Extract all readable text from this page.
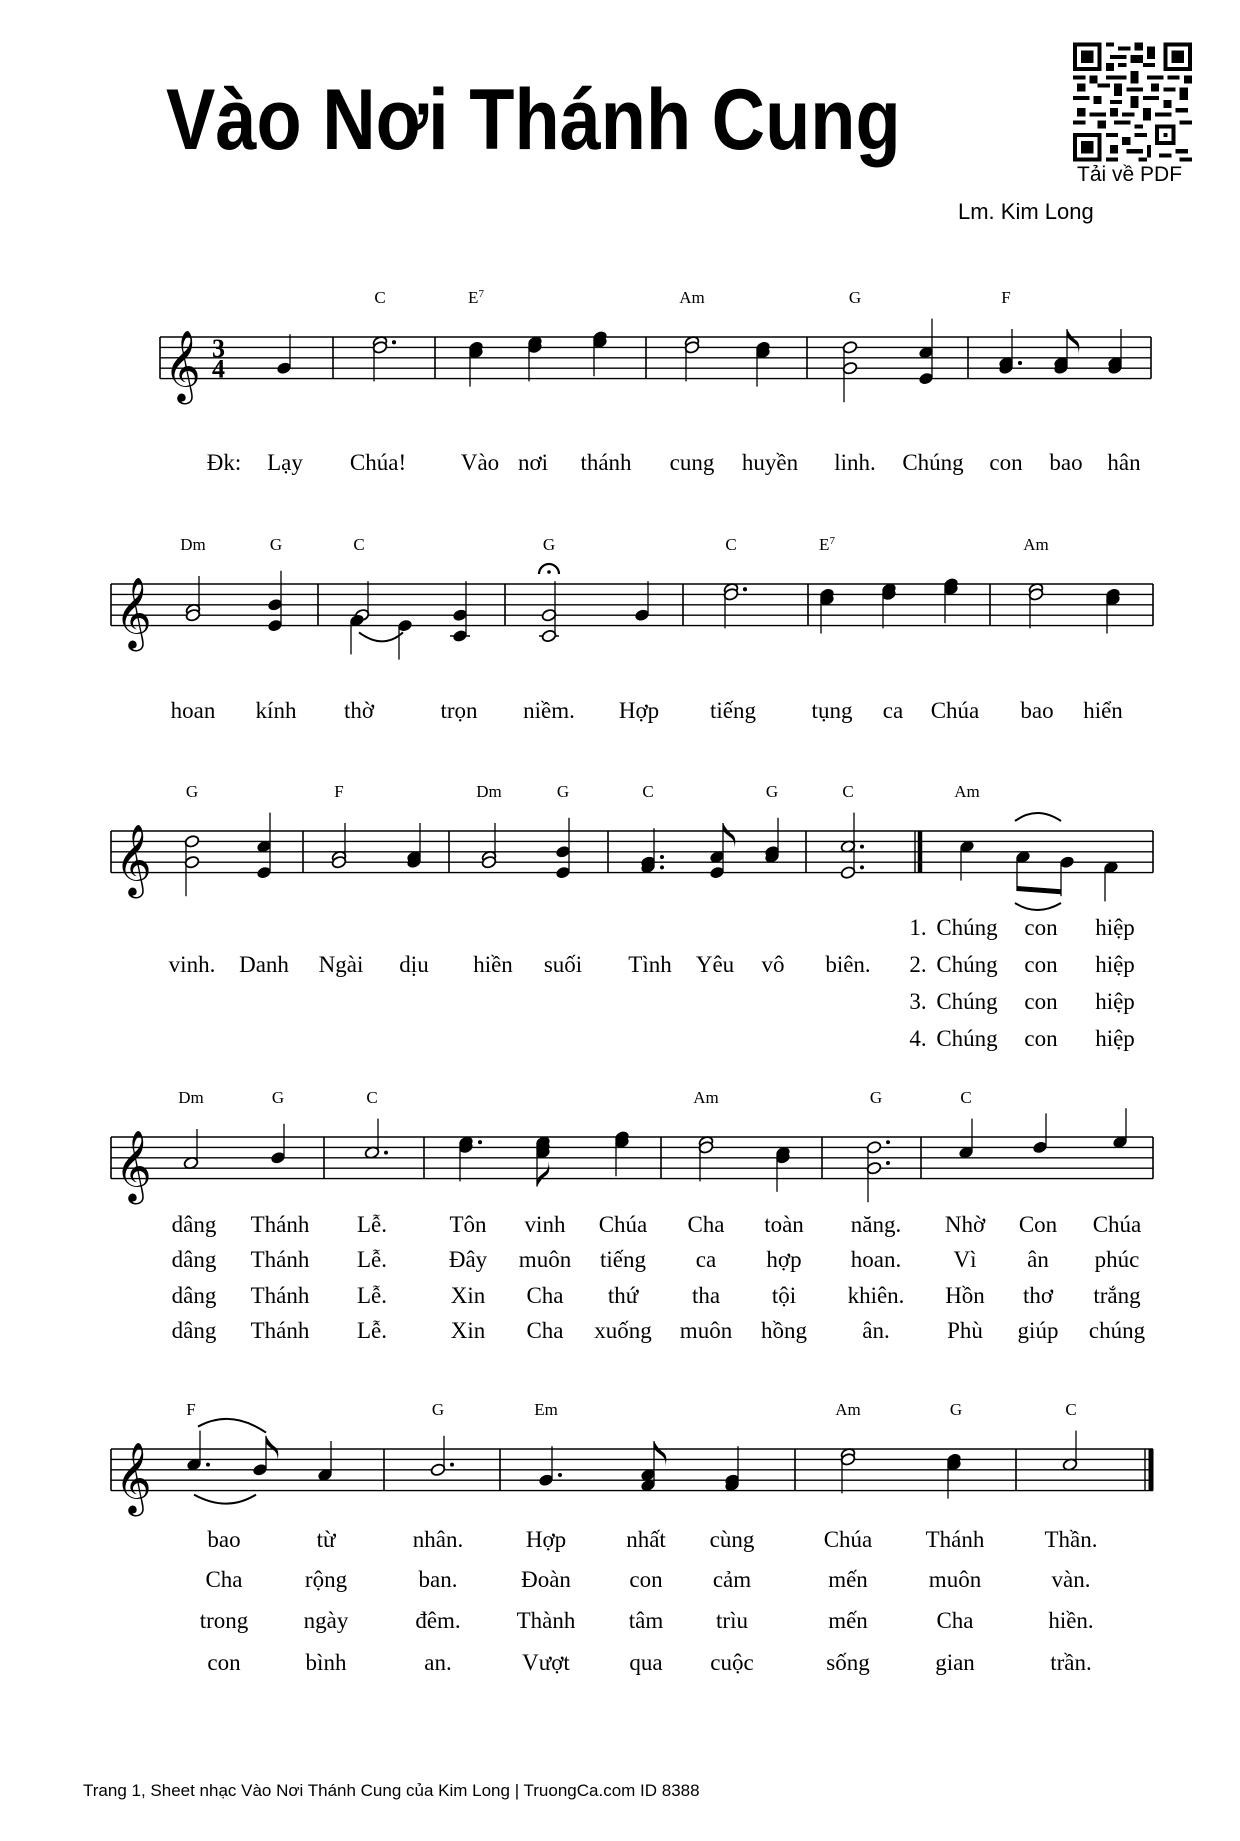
Vào Nơi Thánh Cung
Tải về PDF
Lm. Kim Long
𝄞 3
4
𝄞
𝄞
𝄞
𝄞
C	$E^7$	Am	G	F
Đk: Lạy Chúa! Vào nơi thánh cung huyền linh. Chúng con bao hân
Dm	G	C	G	C	$E^7$	Am
hoan kính thờ	trọn niềm. Hợp tiếng tụng ca Chúa bao hiển
G	F	Dm	G	C	G	C	Am
1. Chúng con hiệp
vinh. Danh Ngài dịu hiền suối Tình Yêu vô biên. 2. Chúng con hiệp
3. Chúng con hiệp
4. Chúng con hiệp
Dm	G	C	Am	G	C
dâng Thánh Lễ.	Tôn vinh Chúa Cha toàn năng. Nhờ Con Chúa
dâng Thánh Lễ.	Đây muôn tiếng ca hợp hoan. Vì ân phúc
dâng Thánh Lễ.	Xin Cha thứ tha tội khiên. Hồn thơ trắng
dâng Thánh Lễ.	Xin Cha xuống muôn hồng ân. Phù giúp chúng
F	G	Em	Am	G	C
bao	từ	nhân.	Hợp	nhất cùng	Chúa Thánh	Thần.
Cha	rộng	ban.	Đoàn	con cảm	mến	muôn	vàn.
trong ngày	đêm. Thành tâm trìu	mến	Cha	hiền.
con	bình	an.	Vượt	qua cuộc	sống	gian	trần.
Trang 1, Sheet nhạc Vào Nơi Thánh Cung của Kim Long | TruongCa.com ID 8388
